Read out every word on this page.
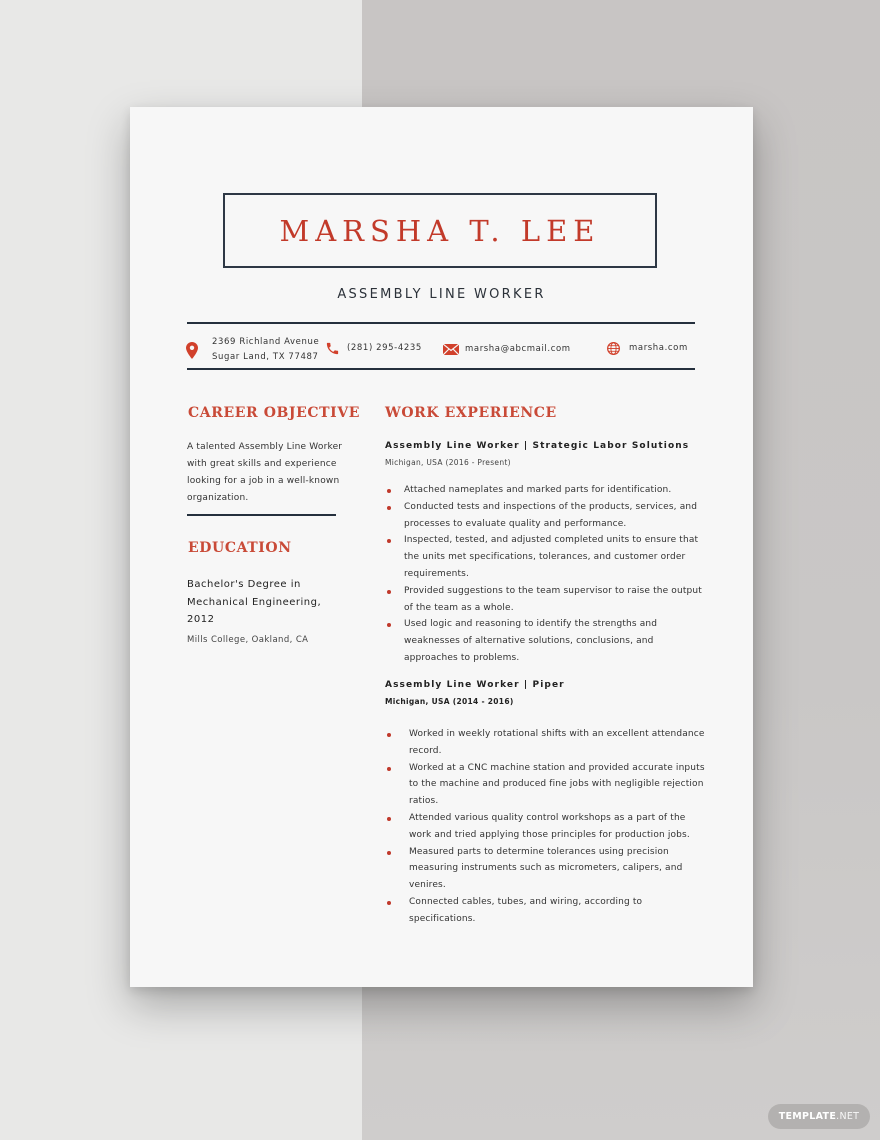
MARSHA T. LEE
ASSEMBLY LINE WORKER
2369 Richland Avenue
Sugar Land, TX 77487
(281) 295-4235	marsha@abcmail.com	marsha.com
CAREER OBJECTIVE

A talented Assembly Line Worker with great skills and experience looking for a job in a well-known organization.

EDUCATION
Bachelor's Degree in Mechanical Engineering, 2012
Mills College, Oakland, CA
WORK EXPERIENCE
Assembly Line Worker | Strategic Labor Solutions
Michigan, USA (2016 - Present)
Attached nameplates and marked parts for identification.
Conducted tests and inspections of the products, services, and processes to evaluate quality and performance.
Inspected, tested, and adjusted completed units to ensure that the units met specifications, tolerances, and customer order requirements.
Provided suggestions to the team supervisor to raise the output of the team as a whole.
Used logic and reasoning to identify the strengths and weaknesses of alternative solutions, conclusions, and approaches to problems.
Assembly Line Worker | Piper
Michigan, USA (2014 - 2016)
Worked in weekly rotational shifts with an excellent attendance record.
Worked at a CNC machine station and provided accurate inputs to the machine and produced fine jobs with negligible rejection ratios.
Attended various quality control workshops as a part of the work and tried applying those principles for production jobs.
Measured parts to determine tolerances using precision measuring instruments such as micrometers, calipers, and venires.
Connected cables, tubes, and wiring, according to specifications.
TEMPLATE .NET
